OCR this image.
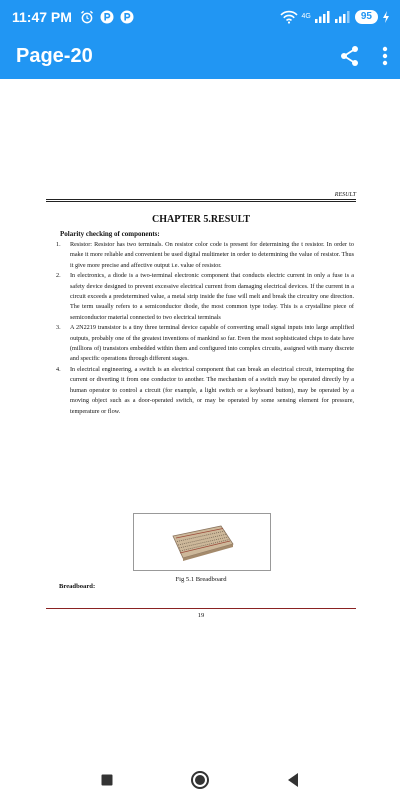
11:47 PM	4G	95
Page-20
RESULT
CHAPTER 5.RESULT
Polarity checking of components:
1.	Resistor: Resistor has two terminals. On resistor color code is present for determining the t resistor. In order to make it more reliable and convenient be used digital multimeter in order to determining the value of resistor. Thus it give more precise and affective output i.e. value of resistor.
2.	In electronics, a diode is a two-terminal electronic component that conducts electric current in only a fuse is a safety device designed to prevent excessive electrical current from damaging electrical devices. If the current in a circuit exceeds a predetermined value, a metal strip inside the fuse will melt and break the circuitry one direction. The term usually refers to a semiconductor diode, the most common type today. This is a crystalline piece of semiconductor material connected to two electrical terminals
3.	A 2N2219 transistor is a tiny three terminal device capable of converting small signal inputs into large amplified outputs, probably one of the greatest inventions of mankind so far. Even the most sophisticated chips to date have (millions of) transistors embedded within them and configured into complex circuits, assigned with many discrete and specific operations through different stages.
4.	In electrical engineering, a switch is an electrical component that can break an electrical circuit, interrupting the current or diverting it from one conductor to another. The mechanism of a switch may be operated directly by a human operator to control a circuit (for example, a light switch or a keyboard button), may be operated by a moving object such as a door-operated switch, or may be operated by some sensing element for pressure, temperature or flow.
Breadboard:
Fig 5.1 Breadboard
19
